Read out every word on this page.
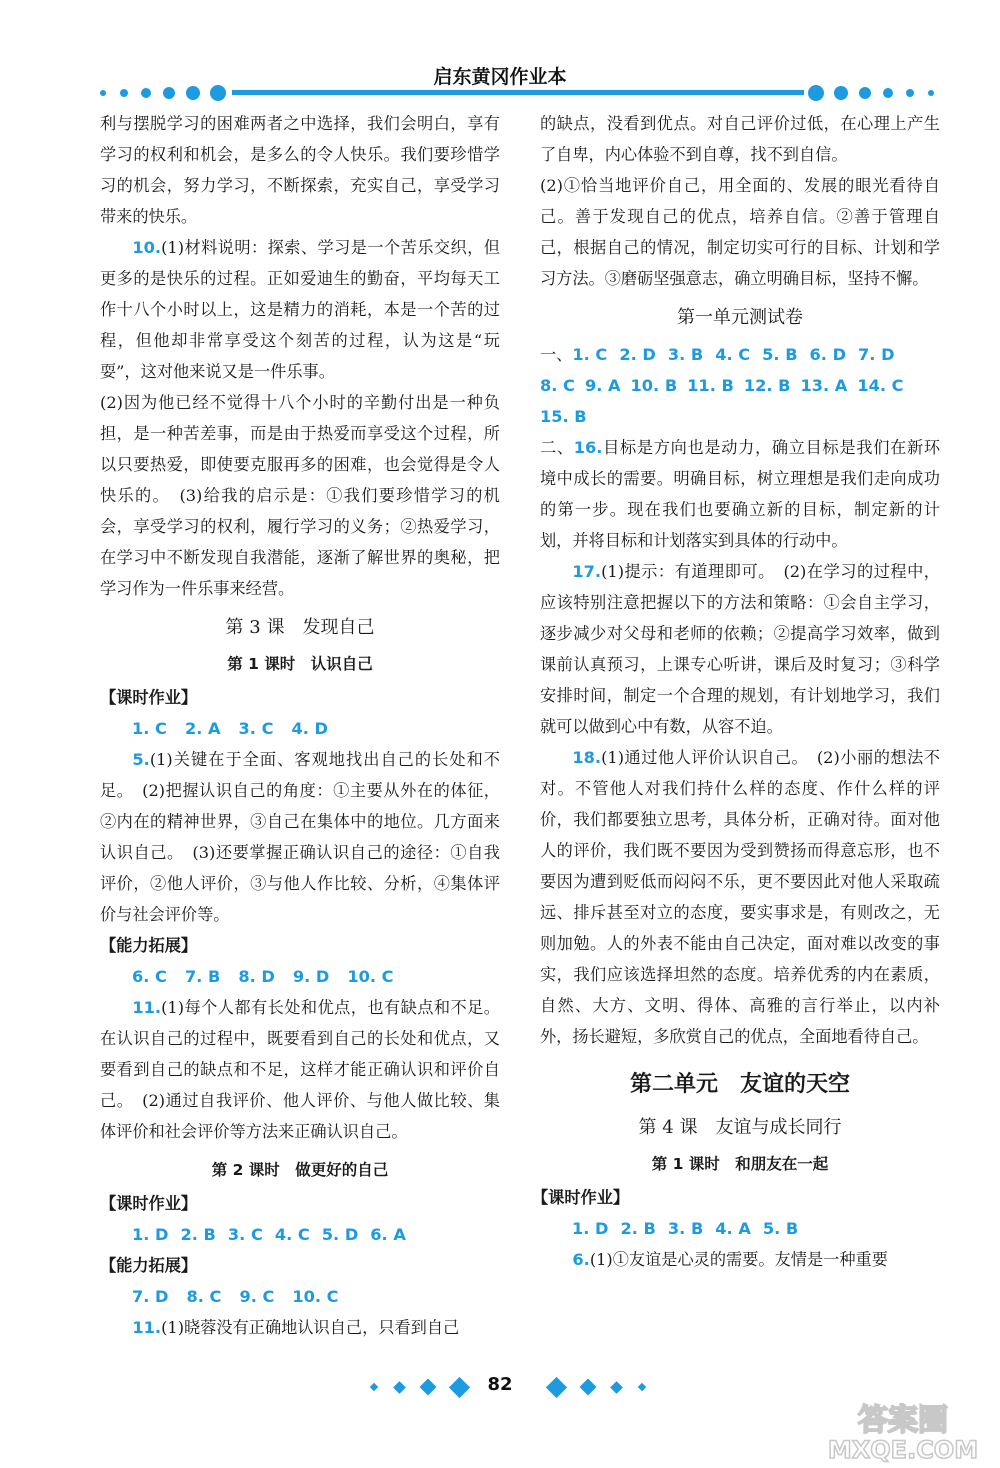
启东黄冈作业本

利与摆脱学习的困难两者之中选择，我们会明白，享有学习的权利和机会，是多么的令人快乐。我们要珍惜学习的机会，努力学习，不断探索，充实自己，享受学习带来的快乐。

10.(1)材料说明：探索、学习是一个苦乐交织，但更多的是快乐的过程。正如爱迪生的勤奋，平均每天工作十八个小时以上，这是精力的消耗，本是一个苦的过程，但他却非常享受这个刻苦的过程，认为这是“玩耍”，这对他来说又是一件乐事。

(2)因为他已经不觉得十八个小时的辛勤付出是一种负担，是一种苦差事，而是由于热爱而享受这个过程，所以只要热爱，即使要克服再多的困难，也会觉得是令人快乐的。　(3)给我的启示是：①我们要珍惜学习的机会，享受学习的权利，履行学习的义务；②热爱学习，在学习中不断发现自我潜能，逐渐了解世界的奥秘，把学习作为一件乐事来经营。

第 3 课　发现自己

第 1 课时　认识自己

【课时作业】

1. C 2. A 3. C 4. D

5.(1)关键在于全面、客观地找出自己的长处和不足。　(2)把握认识自己的角度：①主要从外在的体征，②内在的精神世界，③自己在集体中的地位。几方面来认识自己。　(3)还要掌握正确认识自己的途径：①自我评价，②他人评价，③与他人作比较、分析，④集体评价与社会评价等。

【能力拓展】

6. C 7. B 8. D 9. D 10. C

11.(1)每个人都有长处和优点，也有缺点和不足。在认识自己的过程中，既要看到自己的长处和优点，又要看到自己的缺点和不足，这样才能正确认识和评价自己。　(2)通过自我评价、他人评价、与他人做比较、集体评价和社会评价等方法来正确认识自己。

第 2 课时　做更好的自己

【课时作业】

1. D 2. B 3. C 4. C 5. D 6. A

【能力拓展】

7. D 8. C 9. C 10. C

11.(1)晓蓉没有正确地认识自己，只看到自己

的缺点，没看到优点。对自己评价过低，在心理上产生了自卑，内心体验不到自尊，找不到自信。

(2)①恰当地评价自己，用全面的、发展的眼光看待自己。善于发现自己的优点，培养自信。②善于管理自己，根据自己的情况，制定切实可行的目标、计划和学习方法。③磨砺坚强意志，确立明确目标，坚持不懈。

第一单元测试卷

一、1. C 2. D 3. B 4. C 5. B 6. D 7. D

8. C 9. A 10. B 11. B 12. B 13. A 14. C

15. B

二、16.目标是方向也是动力，确立目标是我们在新环境中成长的需要。明确目标，树立理想是我们走向成功的第一步。现在我们也要确立新的目标，制定新的计划，并将目标和计划落实到具体的行动中。

17.(1)提示：有道理即可。　(2)在学习的过程中，应该特别注意把握以下的方法和策略：①会自主学习，逐步减少对父母和老师的依赖；②提高学习效率，做到课前认真预习，上课专心听讲，课后及时复习；③科学安排时间，制定一个合理的规划，有计划地学习，我们就可以做到心中有数，从容不迫。

18.(1)通过他人评价认识自己。　(2)小丽的想法不对。不管他人对我们持什么样的态度、作什么样的评价，我们都要独立思考，具体分析，正确对待。面对他人的评价，我们既不要因为受到赞扬而得意忘形，也不要因为遭到贬低而闷闷不乐，更不要因此对他人采取疏远、排斥甚至对立的态度，要实事求是，有则改之，无则加勉。人的外表不能由自己决定，面对难以改变的事实，我们应该选择坦然的态度。培养优秀的内在素质，自然、大方、文明、得体、高雅的言行举止，以内补外，扬长避短，多欣赏自己的优点，全面地看待自己。

第二单元　友谊的天空

第 4 课　友谊与成长同行

第 1 课时　和朋友在一起

【课时作业】

1. D 2. B 3. B 4. A 5. B

6.(1)①友谊是心灵的需要。友情是一种重要

82
答案圈
MXQE.COM
